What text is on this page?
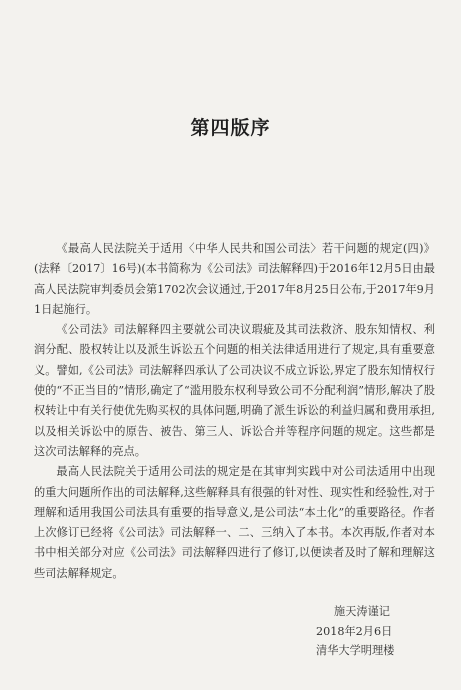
第四版序

《最高人民法院关于适用〈中华人民共和国公司法〉若干问题的规定(四)》(法释〔2017〕16号)(本书简称为《公司法》司法解释四)于2016年12月5日由最高人民法院审判委员会第1702次会议通过,于2017年8月25日公布,于2017年9月1日起施行。

《公司法》司法解释四主要就公司决议瑕疵及其司法救济、股东知情权、利润分配、股权转让以及派生诉讼五个问题的相关法律适用进行了规定,具有重要意义。譬如,《公司法》司法解释四承认了公司决议不成立诉讼,界定了股东知情权行使的“不正当目的”情形,确定了“滥用股东权利导致公司不分配利润”情形,解决了股权转让中有关行使优先购买权的具体问题,明确了派生诉讼的利益归属和费用承担,以及相关诉讼中的原告、被告、第三人、诉讼合并等程序问题的规定。这些都是这次司法解释的亮点。

最高人民法院关于适用公司法的规定是在其审判实践中对公司法适用中出现的重大问题所作出的司法解释,这些解释具有很强的针对性、现实性和经验性,对于理解和适用我国公司法具有重要的指导意义,是公司法“本土化”的重要路径。作者上次修订已经将《公司法》司法解释一、二、三纳入了本书。本次再版,作者对本书中相关部分对应《公司法》司法解释四进行了修订,以便读者及时了解和理解这些司法解释规定。

施天涛谨记
2018年2月6日
清华大学明理楼
